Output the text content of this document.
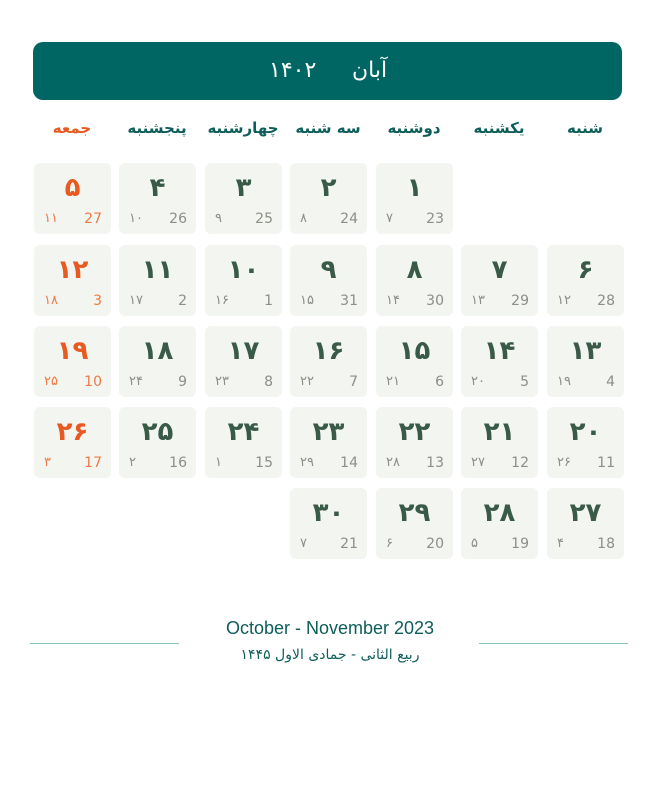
آبان
۱۴۰۲
شنبه
یکشنبه
دوشنبه
سه شنبه
چهارشنبه
پنجشنبه
جمعه
۱
23
۷
۲
24
۸
۳
25
۹
۴
26
۱۰
۵
27
۱۱
۶
28
۱۲
۷
29
۱۳
۸
30
۱۴
۹
31
۱۵
۱۰
1
۱۶
۱۱
2
۱۷
۱۲
3
۱۸
۱۳
4
۱۹
۱۴
5
۲۰
۱۵
6
۲۱
۱۶
7
۲۲
۱۷
8
۲۳
۱۸
9
۲۴
۱۹
10
۲۵
۲۰
11
۲۶
۲۱
12
۲۷
۲۲
13
۲۸
۲۳
14
۲۹
۲۴
15
۱
۲۵
16
۲
۲۶
17
۳
۲۷
18
۴
۲۸
19
۵
۲۹
20
۶
۳۰
21
۷
October - November 2023
ربیع الثانی - جمادی الاول ۱۴۴۵
